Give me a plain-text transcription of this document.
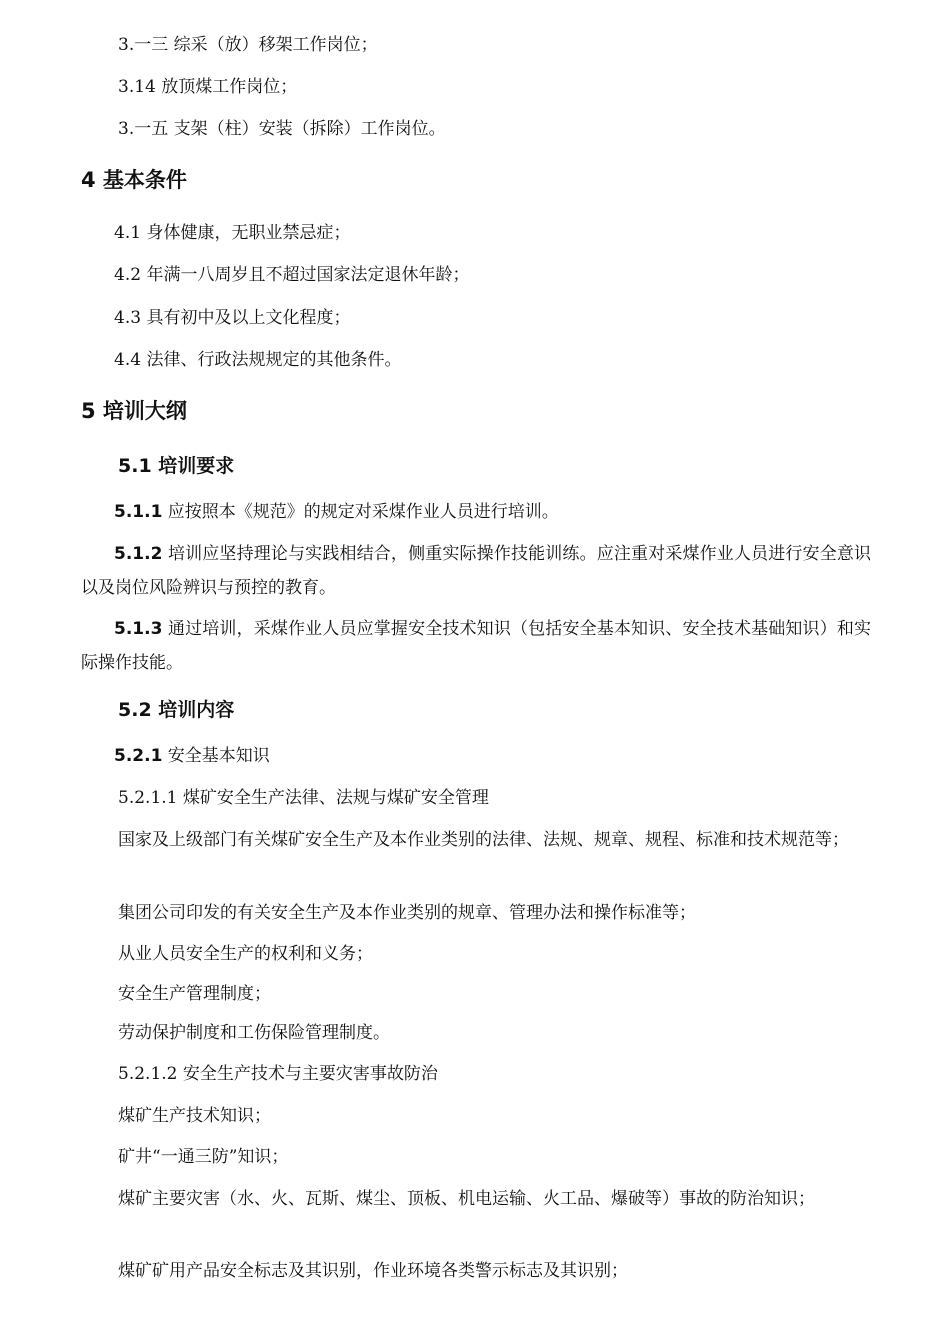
3.一三 综采（放）移架工作岗位；
3.14 放顶煤工作岗位；
3.一五 支架（柱）安装（拆除）工作岗位。
4 基本条件
4.1 身体健康，无职业禁忌症；
4.2 年满一八周岁且不超过国家法定退休年龄；
4.3 具有初中及以上文化程度；
4.4 法律、行政法规规定的其他条件。
5 培训大纲
5.1 培训要求
5.1.1 应按照本《规范》的规定对采煤作业人员进行培训。
5.1.2 培训应坚持理论与实践相结合，侧重实际操作技能训练。应注重对采煤作业人员进行安全意识以及岗位风险辨识与预控的教育。
5.1.3 通过培训，采煤作业人员应掌握安全技术知识（包括安全基本知识、安全技术基础知识）和实际操作技能。
5.2 培训内容
5.2.1 安全基本知识
5.2.1.1 煤矿安全生产法律、法规与煤矿安全管理
国家及上级部门有关煤矿安全生产及本作业类别的法律、法规、规章、规程、标准和技术规范等；
集团公司印发的有关安全生产及本作业类别的规章、管理办法和操作标准等；
从业人员安全生产的权利和义务；
安全生产管理制度；
劳动保护制度和工伤保险管理制度。
5.2.1.2 安全生产技术与主要灾害事故防治
煤矿生产技术知识；
矿井“一通三防”知识；
煤矿主要灾害（水、火、瓦斯、煤尘、顶板、机电运输、火工品、爆破等）事故的防治知识；
煤矿矿用产品安全标志及其识别，作业环境各类警示标志及其识别；
